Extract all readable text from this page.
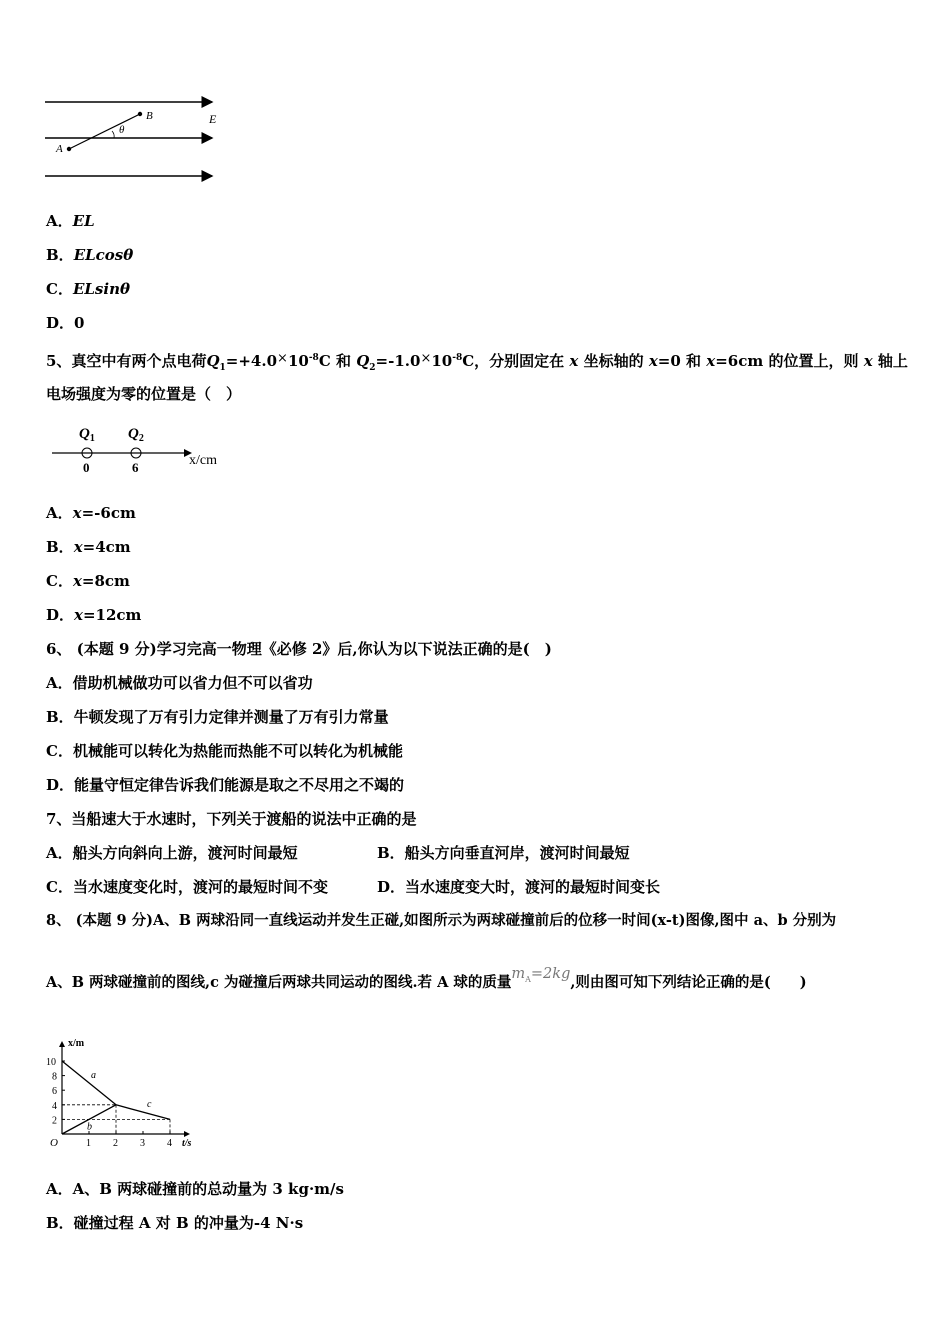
A
B	E
θ
A．EL
B．ELcosθ
C．ELsinθ
D．0
5、真空中有两个点电荷$Q_1=+4.0\times 10^{-8}C$ 和 $Q_2=-1.0\times 10^{-8}C$，分别固定在 x 坐标轴的 x=0 和 x=6cm 的位置上，则 x 轴上
电场强度为零的位置是（　）
$Q_1$ $Q_2$
0	6	x/cm
A．x=-6cm
B．x=4cm
C．x=8cm
D．x=12cm
6、 (本题 9 分)学习完高一物理《必修 2》后,你认为以下说法正确的是(　)
A．借助机械做功可以省力但不可以省功
B．牛顿发现了万有引力定律并测量了万有引力常量
C．机械能可以转化为热能而热能不可以转化为机械能
D．能量守恒定律告诉我们能源是取之不尽用之不竭的
7、当船速大于水速时，下列关于渡船的说法中正确的是
A．船头方向斜向上游，渡河时间最短	B．船头方向垂直河岸，渡河时间最短
C．当水速度变化时，渡河的最短时间不变	D．当水速度变大时，渡河的最短时间变长
8、 (本题 9 分)A、B 两球沿同一直线运动并发生正碰,如图所示为两球碰撞前后的位移一时间(x-t)图像,图中 a、b 分别为
A、B 两球碰撞前的图线,c 为碰撞后两球共同运动的图线.若 A 球的质量$m_A=2kg$,则由图可知下列结论正确的是(　　)
x/m
t/s
O	1 2 3 4
2
4
6
8
10
a
b
c
A．A、B 两球碰撞前的总动量为 3 kg·m/s
B．碰撞过程 A 对 B 的冲量为-4 N·s
